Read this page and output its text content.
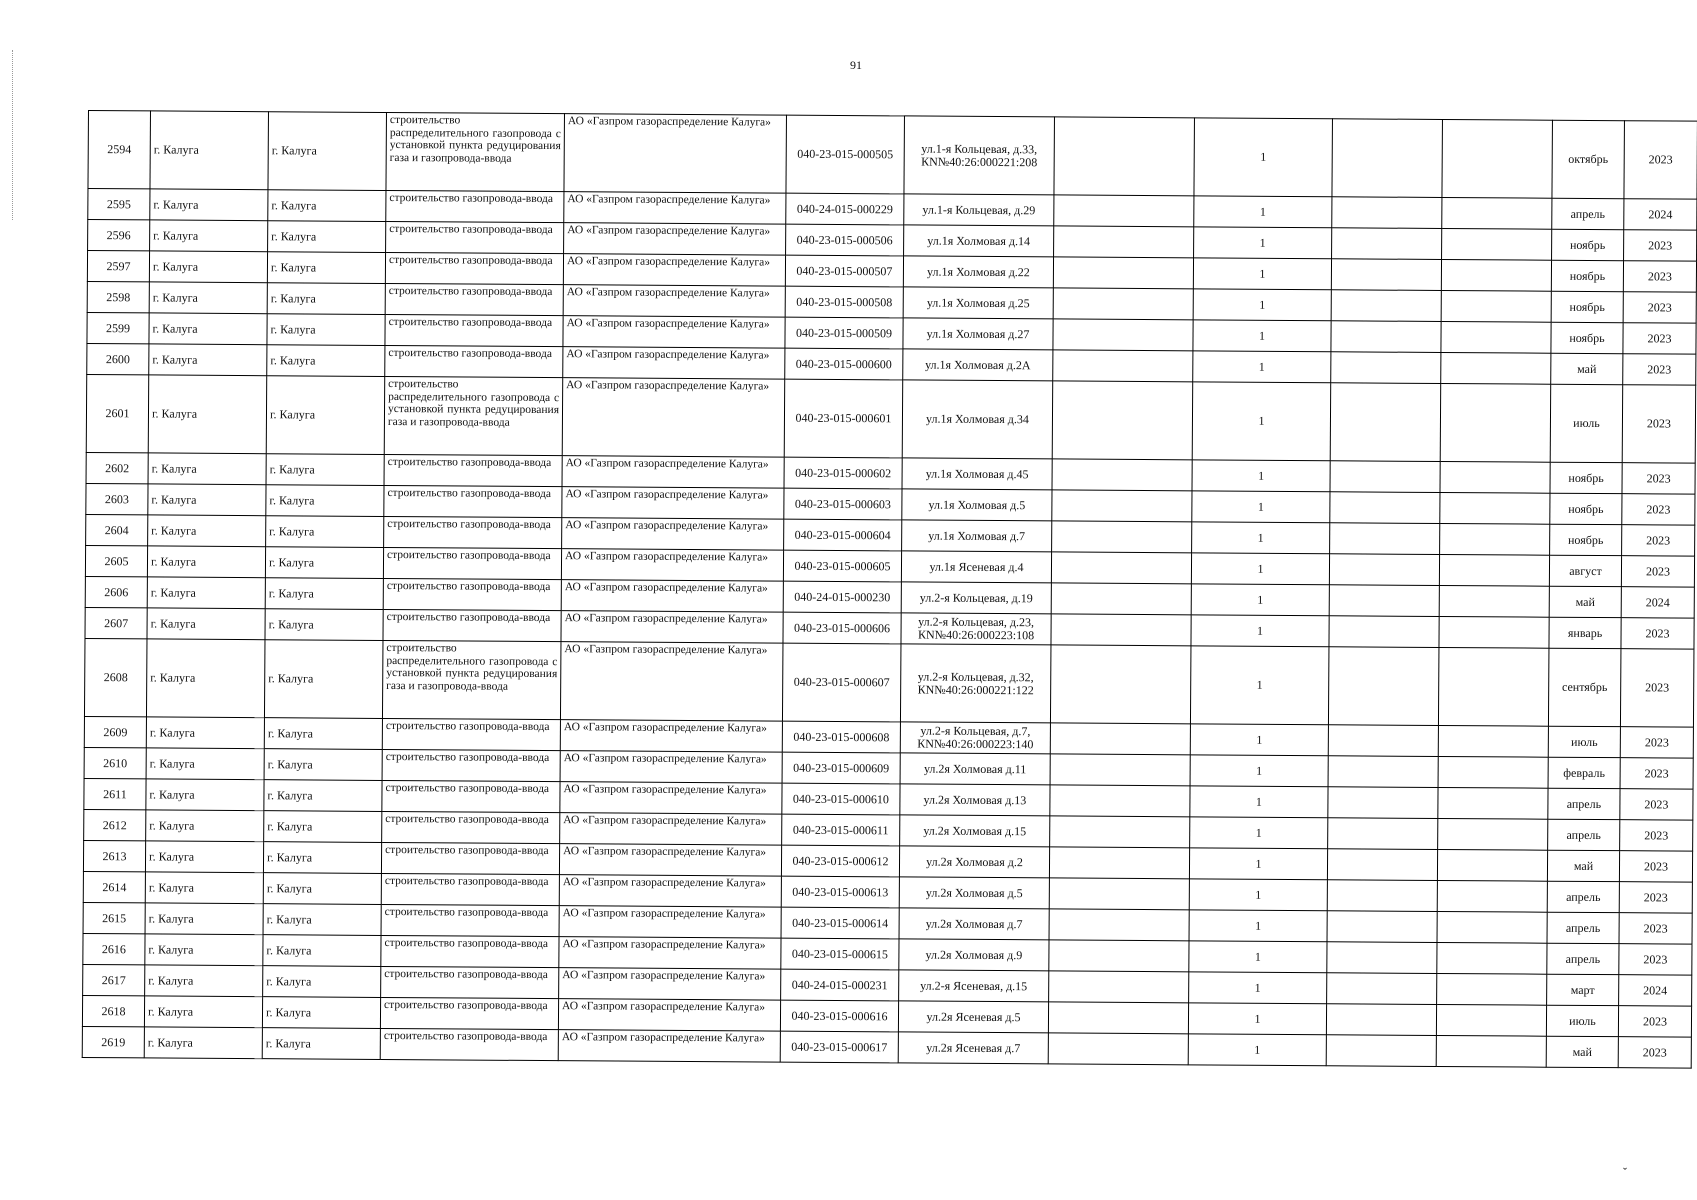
91
2594	г. Калуга	г. Калуга	строительство распределительного газопровода с установкой пункта редуцирования газа и газопровода-ввода	АО «Газпром газораспределение Калуга»	040-23-015-000505	ул.1-я Кольцевая, д.33, КN№40:26:000221:208		1			октябрь	2023
2595	г. Калуга	г. Калуга	строительство газопровода-ввода	АО «Газпром газораспределение Калуга»	040-24-015-000229	ул.1-я Кольцевая, д.29		1			апрель	2024
2596	г. Калуга	г. Калуга	строительство газопровода-ввода	АО «Газпром газораспределение Калуга»	040-23-015-000506	ул.1я Холмовая д.14		1			ноябрь	2023
2597	г. Калуга	г. Калуга	строительство газопровода-ввода	АО «Газпром газораспределение Калуга»	040-23-015-000507	ул.1я Холмовая д.22		1			ноябрь	2023
2598	г. Калуга	г. Калуга	строительство газопровода-ввода	АО «Газпром газораспределение Калуга»	040-23-015-000508	ул.1я Холмовая д.25		1			ноябрь	2023
2599	г. Калуга	г. Калуга	строительство газопровода-ввода	АО «Газпром газораспределение Калуга»	040-23-015-000509	ул.1я Холмовая д.27		1			ноябрь	2023
2600	г. Калуга	г. Калуга	строительство газопровода-ввода	АО «Газпром газораспределение Калуга»	040-23-015-000600	ул.1я Холмовая д.2А		1			май	2023
2601	г. Калуга	г. Калуга	строительство распределительного газопровода с установкой пункта редуцирования газа и газопровода-ввода	АО «Газпром газораспределение Калуга»	040-23-015-000601	ул.1я Холмовая д.34		1			июль	2023
2602	г. Калуга	г. Калуга	строительство газопровода-ввода	АО «Газпром газораспределение Калуга»	040-23-015-000602	ул.1я Холмовая д.45		1			ноябрь	2023
2603	г. Калуга	г. Калуга	строительство газопровода-ввода	АО «Газпром газораспределение Калуга»	040-23-015-000603	ул.1я Холмовая д.5		1			ноябрь	2023
2604	г. Калуга	г. Калуга	строительство газопровода-ввода	АО «Газпром газораспределение Калуга»	040-23-015-000604	ул.1я Холмовая д.7		1			ноябрь	2023
2605	г. Калуга	г. Калуга	строительство газопровода-ввода	АО «Газпром газораспределение Калуга»	040-23-015-000605	ул.1я Ясеневая д.4		1			август	2023
2606	г. Калуга	г. Калуга	строительство газопровода-ввода	АО «Газпром газораспределение Калуга»	040-24-015-000230	ул.2-я Кольцевая, д.19		1			май	2024
2607	г. Калуга	г. Калуга	строительство газопровода-ввода	АО «Газпром газораспределение Калуга»	040-23-015-000606	ул.2-я Кольцевая, д.23, КN№40:26:000223:108		1			январь	2023
2608	г. Калуга	г. Калуга	строительство распределительного газопровода с установкой пункта редуцирования газа и газопровода-ввода	АО «Газпром газораспределение Калуга»	040-23-015-000607	ул.2-я Кольцевая, д.32, КN№40:26:000221:122		1			сентябрь	2023
2609	г. Калуга	г. Калуга	строительство газопровода-ввода	АО «Газпром газораспределение Калуга»	040-23-015-000608	ул.2-я Кольцевая, д.7, КN№40:26:000223:140		1			июль	2023
2610	г. Калуга	г. Калуга	строительство газопровода-ввода	АО «Газпром газораспределение Калуга»	040-23-015-000609	ул.2я Холмовая д.11		1			февраль	2023
2611	г. Калуга	г. Калуга	строительство газопровода-ввода	АО «Газпром газораспределение Калуга»	040-23-015-000610	ул.2я Холмовая д.13		1			апрель	2023
2612	г. Калуга	г. Калуга	строительство газопровода-ввода	АО «Газпром газораспределение Калуга»	040-23-015-000611	ул.2я Холмовая д.15		1			апрель	2023
2613	г. Калуга	г. Калуга	строительство газопровода-ввода	АО «Газпром газораспределение Калуга»	040-23-015-000612	ул.2я Холмовая д.2		1			май	2023
2614	г. Калуга	г. Калуга	строительство газопровода-ввода	АО «Газпром газораспределение Калуга»	040-23-015-000613	ул.2я Холмовая д.5		1			апрель	2023
2615	г. Калуга	г. Калуга	строительство газопровода-ввода	АО «Газпром газораспределение Калуга»	040-23-015-000614	ул.2я Холмовая д.7		1			апрель	2023
2616	г. Калуга	г. Калуга	строительство газопровода-ввода	АО «Газпром газораспределение Калуга»	040-23-015-000615	ул.2я Холмовая д.9		1			апрель	2023
2617	г. Калуга	г. Калуга	строительство газопровода-ввода	АО «Газпром газораспределение Калуга»	040-24-015-000231	ул.2-я Ясеневая, д.15		1			март	2024
2618	г. Калуга	г. Калуга	строительство газопровода-ввода	АО «Газпром газораспределение Калуга»	040-23-015-000616	ул.2я Ясеневая д.5		1			июль	2023
2619	г. Калуга	г. Калуга	строительство газопровода-ввода	АО «Газпром газораспределение Калуга»	040-23-015-000617	ул.2я Ясеневая д.7		1			май	2023
ˇ
